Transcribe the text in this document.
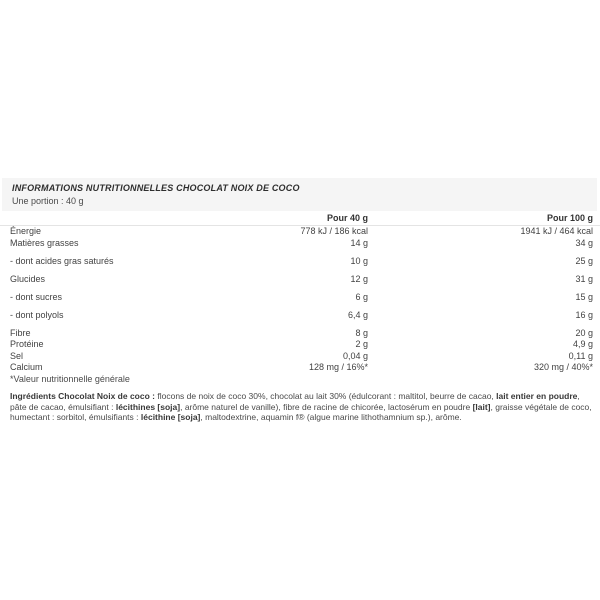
INFORMATIONS NUTRITIONNELLES CHOCOLAT NOIX DE COCO
Une portion : 40 g
Pour 40 g	Pour 100 g
Énergie	778 kJ / 186 kcal	1941 kJ / 464 kcal
Matières grasses	14 g	34 g
- dont acides gras saturés	10 g	25 g
Glucides	12 g	31 g
- dont sucres	6 g	15 g
- dont polyols	6,4 g	16 g
Fibre	8 g	20 g
Protéine	2 g	4,9 g
Sel	0,04 g	0,11 g
Calcium	128 mg / 16%*	320 mg / 40%*
*Valeur nutritionnelle générale

Ingrédients Chocolat Noix de coco : flocons de noix de coco 30%, chocolat au lait 30% (édulcorant : maltitol, beurre de cacao, lait entier en poudre, pâte de cacao, émulsifiant : lécithines [soja], arôme naturel de vanille), fibre de racine de chicorée, lactosérum en poudre [lait], graisse végétale de coco, humectant : sorbitol, émulsifiants : lécithine [soja], maltodextrine, aquamin f® (algue marine lithothamnium sp.), arôme.
